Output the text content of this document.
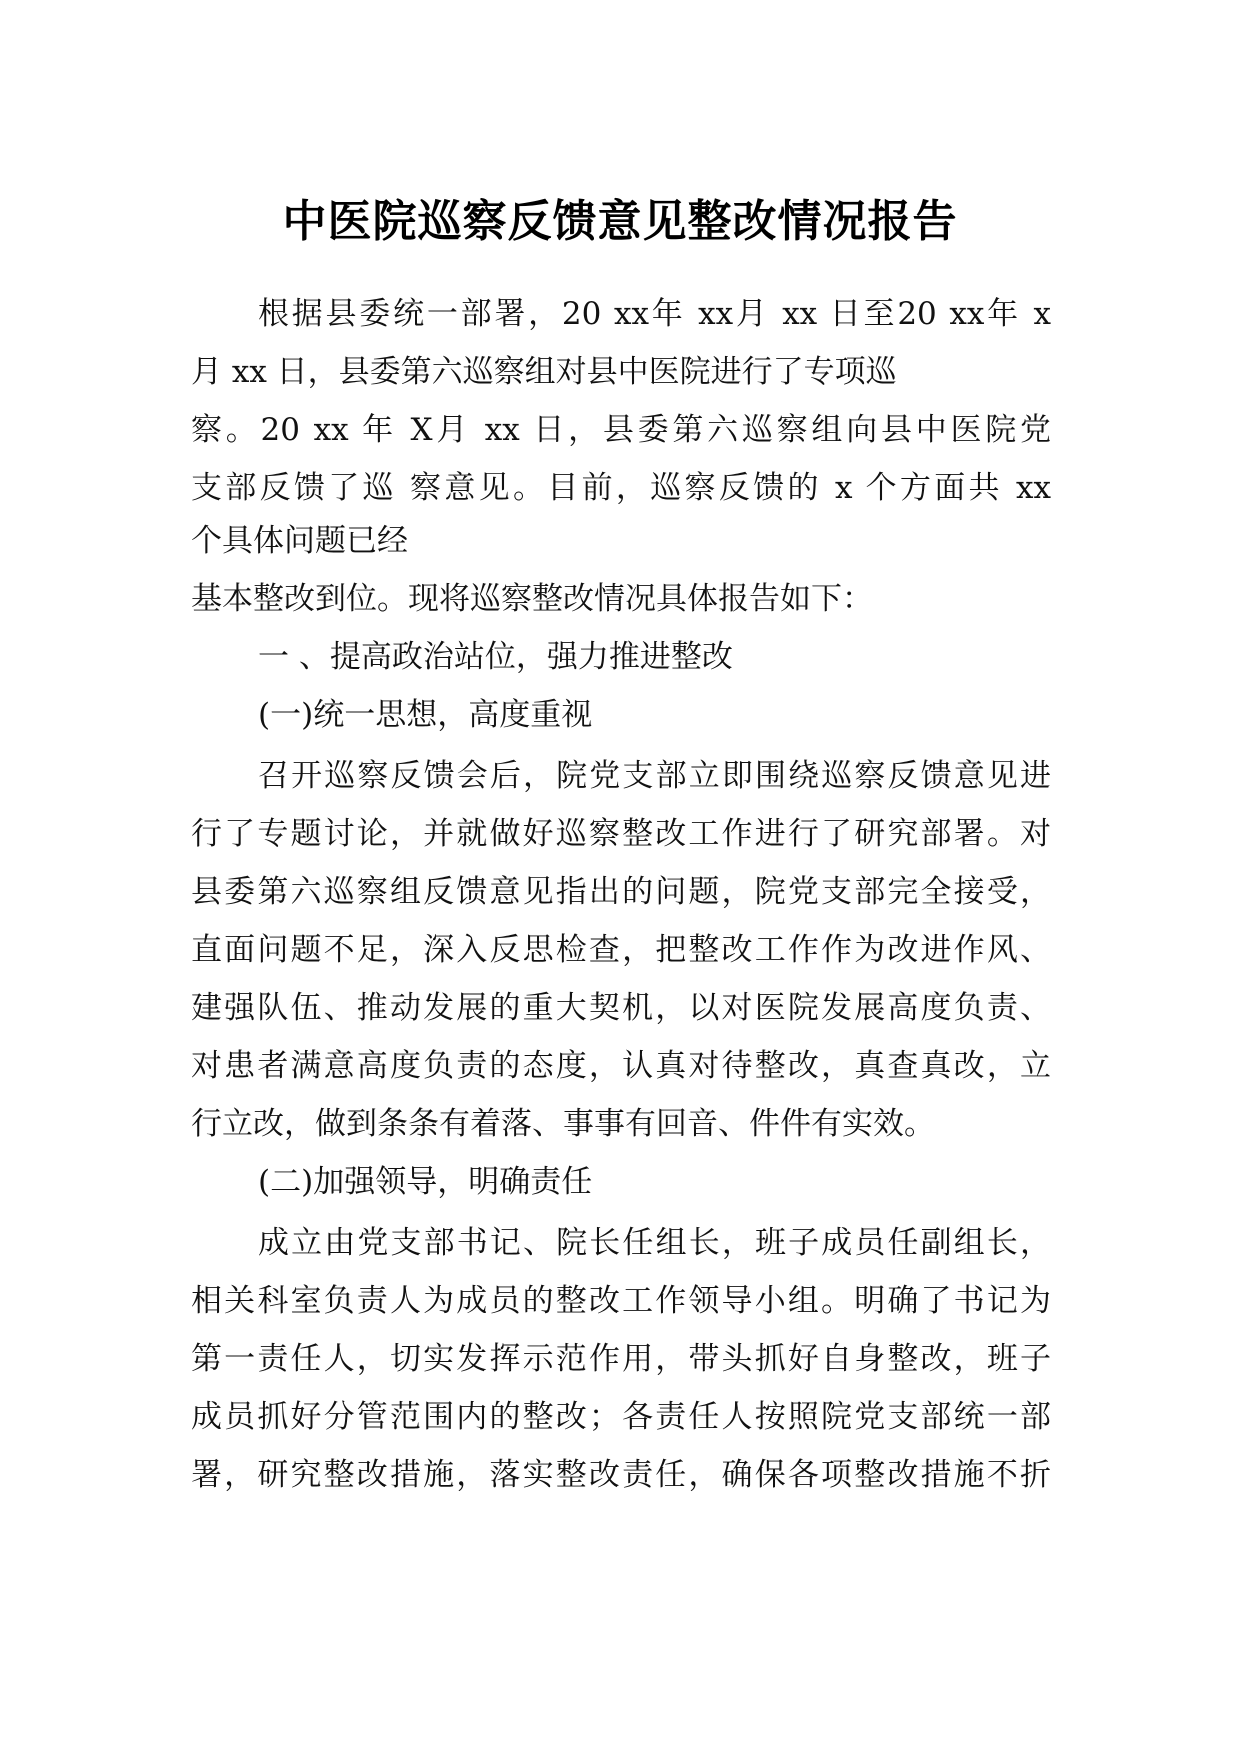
中医院巡察反馈意见整改情况报告
根据县委统一部署，20 xx年 xx月 xx 日至20 xx年 x
月 xx 日，县委第六巡察组对县中医院进行了专项巡
察。20 xx 年 X月 xx 日，县委第六巡察组向县中医院党
支部反馈了巡 察意见。目前，巡察反馈的 x 个方面共 xx
个具体问题已经
基本整改到位。现将巡察整改情况具体报告如下：
一 、提高政治站位，强力推进整改
(一)统一思想，高度重视
召开巡察反馈会后，院党支部立即围绕巡察反馈意见进
行了专题讨论，并就做好巡察整改工作进行了研究部署。对
县委第六巡察组反馈意见指出的问题，院党支部完全接受，
直面问题不足，深入反思检查，把整改工作作为改进作风、
建强队伍、推动发展的重大契机，以对医院发展高度负责、
对患者满意高度负责的态度，认真对待整改，真查真改，立
行立改，做到条条有着落、事事有回音、件件有实效。
(二)加强领导，明确责任
成立由党支部书记、院长任组长，班子成员任副组长，
相关科室负责人为成员的整改工作领导小组。明确了书记为
第一责任人，切实发挥示范作用，带头抓好自身整改，班子
成员抓好分管范围内的整改；各责任人按照院党支部统一部
署，研究整改措施，落实整改责任，确保各项整改措施不折
